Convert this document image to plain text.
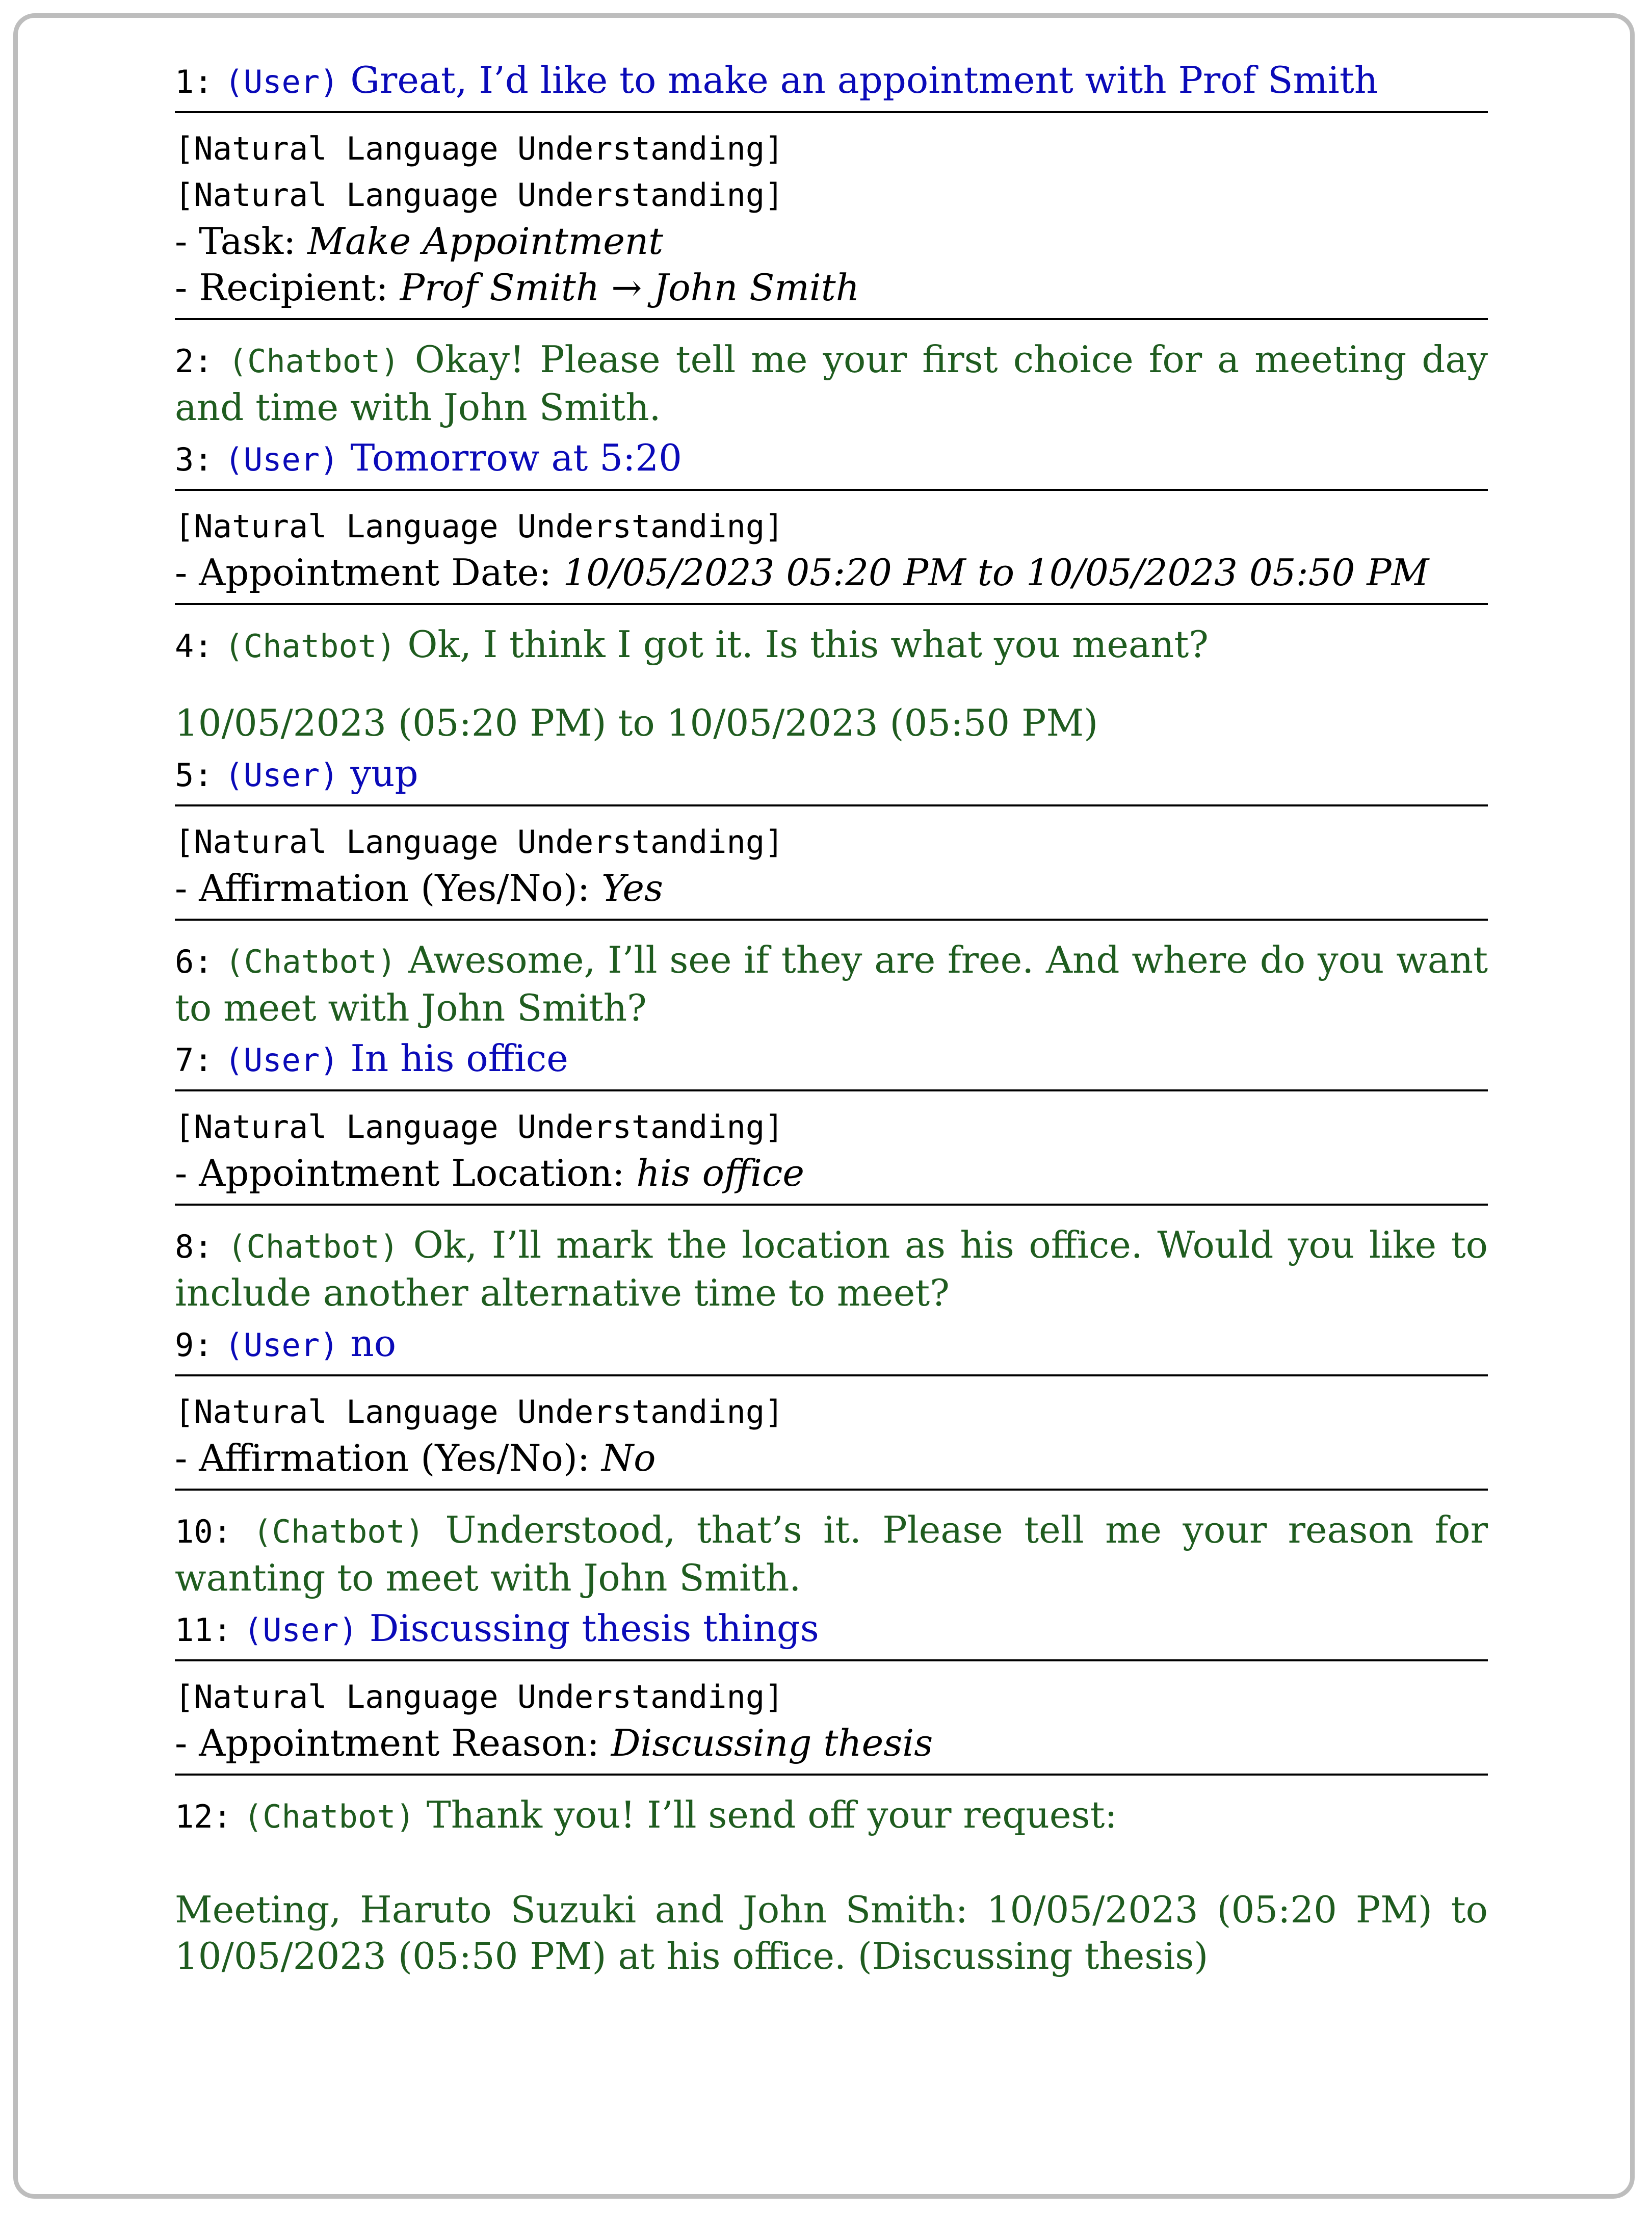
1: (User) Great, I’d like to make an appointment with Prof Smith
[Natural Language Understanding]
[Natural Language Understanding]
- Task: Make Appointment
- Recipient: Prof Smith → John Smith
2: (Chatbot) Okay! Please tell me your first choice for a meeting day and time with John Smith.
3: (User) Tomorrow at 5:20
[Natural Language Understanding]
- Appointment Date: 10/05/2023 05:20 PM to 10/05/2023 05:50 PM
4: (Chatbot) Ok, I think I got it. Is this what you meant?
10/05/2023 (05:20 PM) to 10/05/2023 (05:50 PM)
5: (User) yup
[Natural Language Understanding]
- Affirmation (Yes/No): Yes
6: (Chatbot) Awesome, I’ll see if they are free. And where do you want to meet with John Smith?
7: (User) In his office
[Natural Language Understanding]
- Appointment Location: his office
8: (Chatbot) Ok, I’ll mark the location as his office. Would you like to include another alternative time to meet?
9: (User) no
[Natural Language Understanding]
- Affirmation (Yes/No): No
10: (Chatbot) Understood, that’s it. Please tell me your reason for wanting to meet with John Smith.
11: (User) Discussing thesis things
[Natural Language Understanding]
- Appointment Reason: Discussing thesis
12: (Chatbot) Thank you! I’ll send off your request:
Meeting, Haruto Suzuki and John Smith: 10/05/2023 (05:20 PM) to 10/05/2023 (05:50 PM) at his office. (Discussing thesis)
